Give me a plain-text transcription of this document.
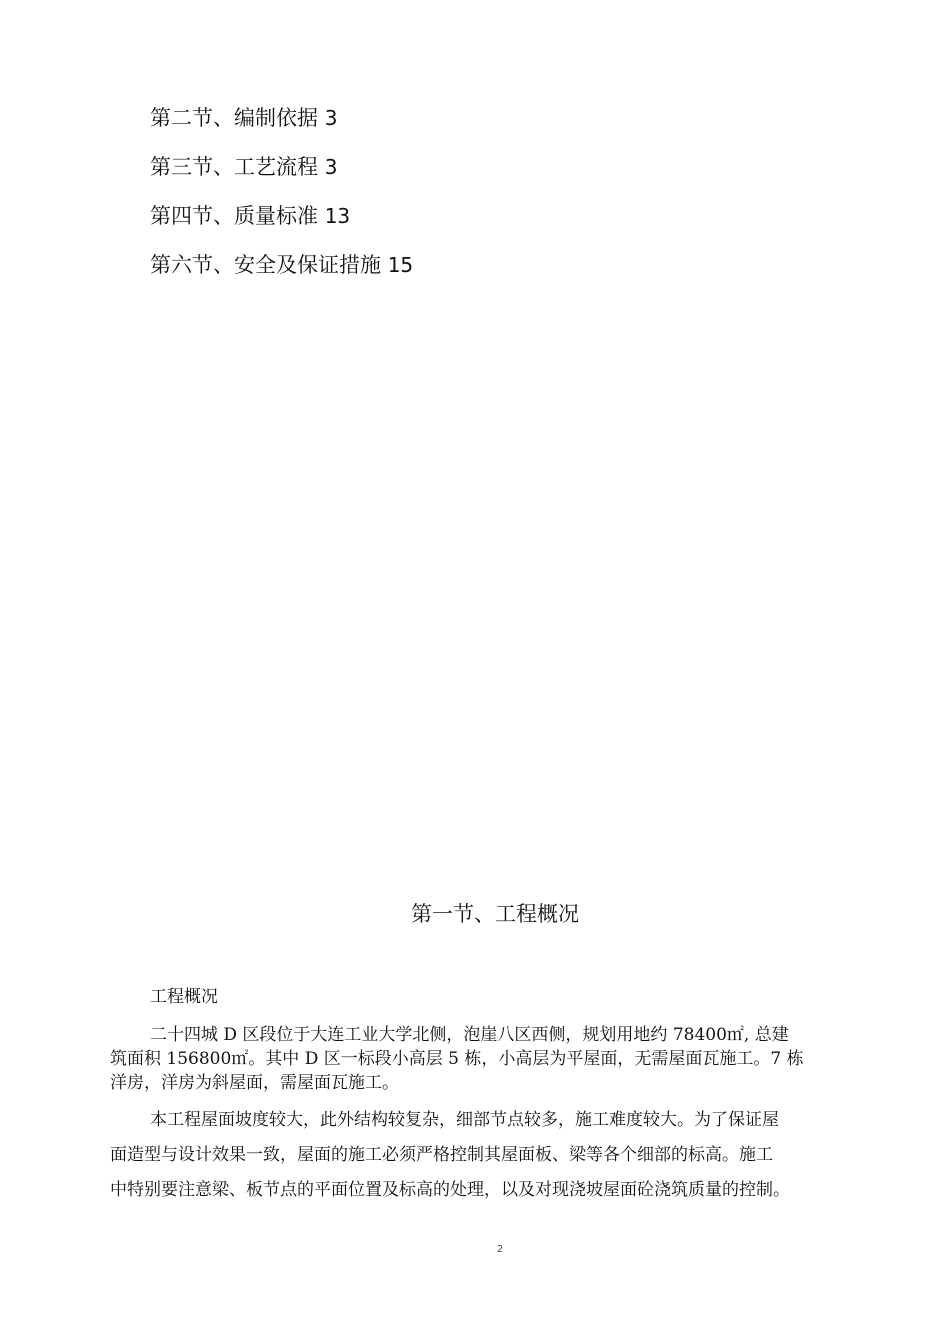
第二节、编制依据 3
第三节、工艺流程 3
第四节、质量标准 13
第六节、安全及保证措施 15
第一节、工程概况
工程概况
二十四城 D 区段位于大连工业大学北侧，泡崖八区西侧，规划用地约 78400㎡, 总建
筑面积 156800㎡。其中 D 区一标段小高层 5 栋，小高层为平屋面，无需屋面瓦施工。7 栋
洋房，洋房为斜屋面，需屋面瓦施工。
本工程屋面坡度较大，此外结构较复杂，细部节点较多，施工难度较大。为了保证屋
面造型与设计效果一致，屋面的施工必须严格控制其屋面板、梁等各个细部的标高。施工
中特别要注意梁、板节点的平面位置及标高的处理，以及对现浇坡屋面砼浇筑质量的控制。
2
